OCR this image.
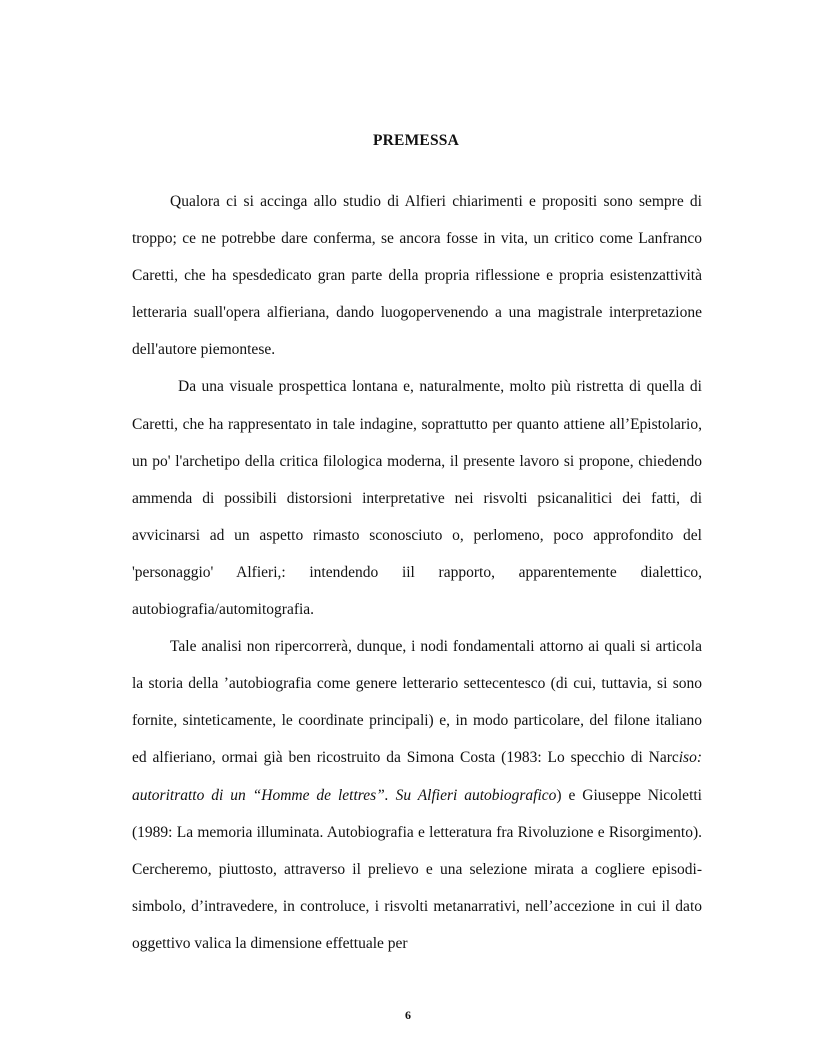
PREMESSA

Qualora ci si accinga allo studio di Alfieri chiarimenti e propositi sono sempre di troppo; ce ne potrebbe dare conferma, se ancora fosse in vita, un critico come Lanfranco Caretti, che ha spesdedicato gran parte della propria riflessione e propria esistenzattività letteraria suall'opera alfieriana, dando luogopervenendo a una magistrale interpretazione dell'autore piemontese.

Da una visuale prospettica lontana e, naturalmente, molto più ristretta di quella di Caretti, che ha rappresentato in tale indagine, soprattutto per quanto attiene all’Epistolario, un po' l'archetipo della critica filologica moderna, il presente lavoro si propone, chiedendo ammenda di possibili distorsioni interpretative nei risvolti psicanalitici dei fatti, di avvicinarsi ad un aspetto rimasto sconosciuto o, perlomeno, poco approfondito del 'personaggio' Alfieri,: intendendo iil rapporto, apparentemente dialettico, autobiografia/automitografia.

Tale analisi non ripercorrerà, dunque, i nodi fondamentali attorno ai quali si articola la storia della ’autobiografia come genere letterario settecentesco (di cui, tuttavia, si sono fornite, sinteticamente, le coordinate principali) e, in modo particolare, del filone italiano ed alfieriano, ormai già ben ricostruito da Simona Costa (1983: Lo specchio di Narciso: autoritratto di un “Homme de lettres”. Su Alfieri autobiografico) e Giuseppe Nicoletti (1989: La memoria illuminata. Autobiografia e letteratura fra Rivoluzione e Risorgimento). Cercheremo, piuttosto, attraverso il prelievo e una selezione mirata a cogliere episodi-simbolo, d’intravedere, in controluce, i risvolti metanarrativi, nell’accezione in cui il dato oggettivo valica la dimensione effettuale per

6
